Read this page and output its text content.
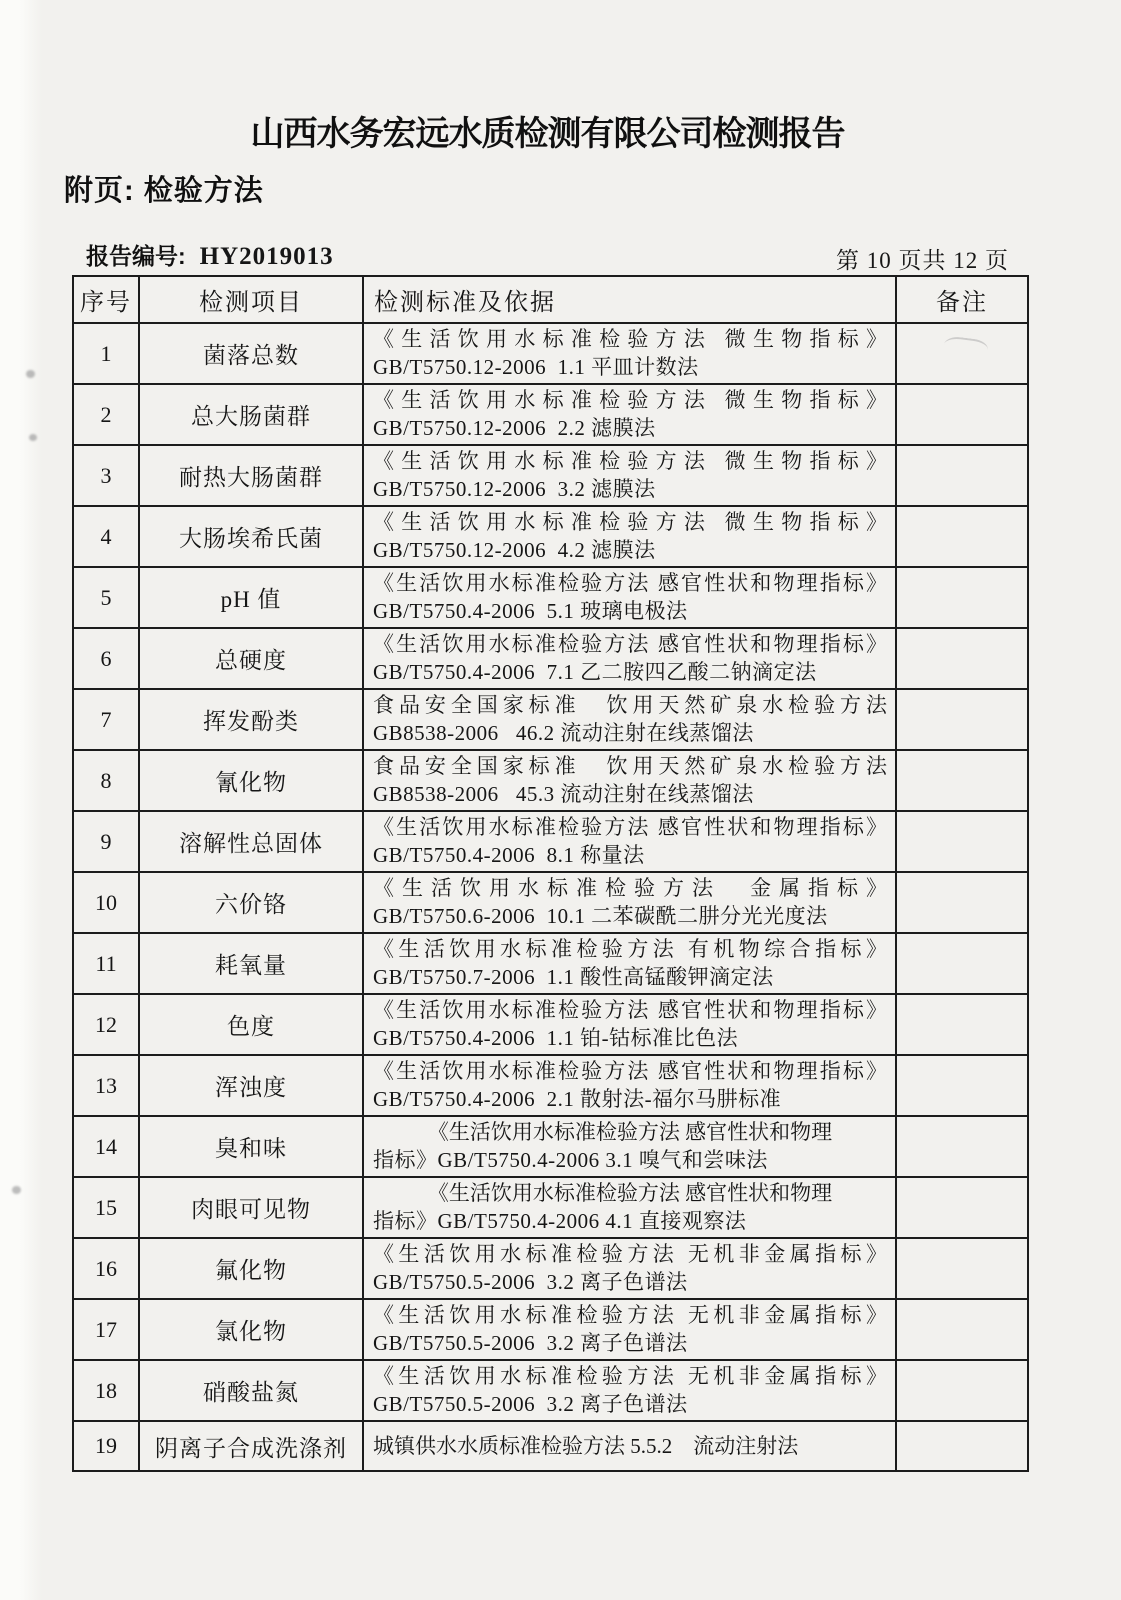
山西水务宏远水质检测有限公司检测报告
附页: 检验方法
报告编号: HY2019013	第 10 页共 12 页
序号	检测项目	检测标准及依据	备注
1	菌落总数	《生活饮用水标准检验方法 微生物指标》
GB/T5750.12-2006  1.1 平皿计数法	

2	总大肠菌群	《生活饮用水标准检验方法 微生物指标》
GB/T5750.12-2006  2.2 滤膜法	

3	耐热大肠菌群	《生活饮用水标准检验方法 微生物指标》
GB/T5750.12-2006  3.2 滤膜法	

4	大肠埃希氏菌	《生活饮用水标准检验方法 微生物指标》
GB/T5750.12-2006  4.2 滤膜法	

5	pH 值	《生活饮用水标准检验方法 感官性状和物理指标》
GB/T5750.4-2006  5.1 玻璃电极法	

6	总硬度	《生活饮用水标准检验方法 感官性状和物理指标》
GB/T5750.4-2006  7.1 乙二胺四乙酸二钠滴定法	

7	挥发酚类	食品安全国家标准　饮用天然矿泉水检验方法
GB8538-2006   46.2 流动注射在线蒸馏法	

8	氰化物	食品安全国家标准　饮用天然矿泉水检验方法
GB8538-2006   45.3 流动注射在线蒸馏法	

9	溶解性总固体	《生活饮用水标准检验方法 感官性状和物理指标》
GB/T5750.4-2006  8.1 称量法	

10	六价铬	《生活饮用水标准检验方法　金属指标》
GB/T5750.6-2006  10.1 二苯碳酰二肼分光光度法	

11	耗氧量	《生活饮用水标准检验方法 有机物综合指标》
GB/T5750.7-2006  1.1 酸性高锰酸钾滴定法	

12	色度	《生活饮用水标准检验方法 感官性状和物理指标》
GB/T5750.4-2006  1.1 铂-钴标准比色法	

13	浑浊度	《生活饮用水标准检验方法 感官性状和物理指标》
GB/T5750.4-2006  2.1 散射法-福尔马肼标准	

14	臭和味	《生活饮用水标准检验方法 感官性状和物理
指标》GB/T5750.4-2006 3.1 嗅气和尝味法	

15	肉眼可见物	《生活饮用水标准检验方法 感官性状和物理
指标》GB/T5750.4-2006 4.1 直接观察法	

16	氟化物	《生活饮用水标准检验方法 无机非金属指标》
GB/T5750.5-2006  3.2 离子色谱法	

17	氯化物	《生活饮用水标准检验方法 无机非金属指标》
GB/T5750.5-2006  3.2 离子色谱法	

18	硝酸盐氮	《生活饮用水标准检验方法 无机非金属指标》
GB/T5750.5-2006  3.2 离子色谱法	

19	阴离子合成洗涤剂	城镇供水水质标准检验方法 5.5.2　流动注射法	
